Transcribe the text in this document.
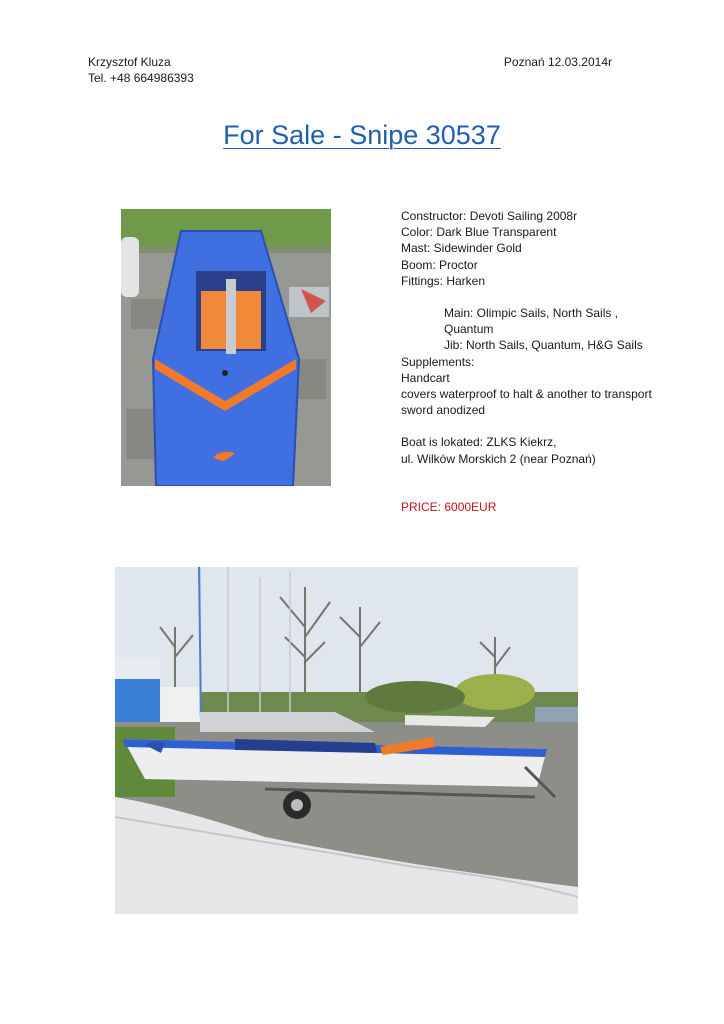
Krzysztof Kluza
Tel. +48 664986393
Poznań 12.03.2014r
For Sale - Snipe 30537
Constructor: Devoti Sailing 2008r
Color: Dark Blue Transparent
Mast: Sidewinder Gold
Boom: Proctor
Fittings: Harken
Main: Olimpic Sails, North Sails ,
Quantum
Jib: North Sails, Quantum, H&G Sails
Supplements:
Handcart
covers waterproof to halt & another to transport
sword anodized
Boat is lokated: ZLKS Kiekrz,
ul. Wilków Morskich 2 (near Poznań)
PRICE: 6000EUR
